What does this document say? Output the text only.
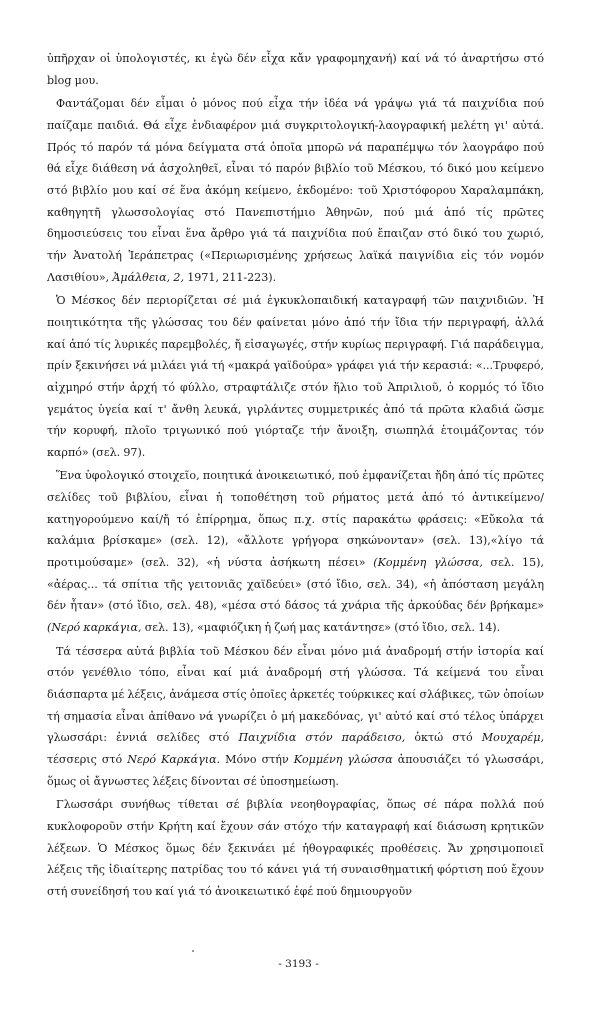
ὑπῆρχαν οἱ ὑπολογιστές, κι ἐγὼ δέν εἶχα κἄν γραφομηχανή) καί νά τό ἀναρτήσω στό blog μου.

Φαντάζομαι δέν εἶμαι ὁ μόνος πού εἶχα τήν ἰδέα νά γράψω γιά τά παιχνίδια πού παίζαμε παιδιά. Θά εἶχε ἐνδιαφέρον μιά συγκριτολογική-λαογραφική μελέτη γι' αὐτά. Πρός τό παρόν τά μόνα δείγματα στά ὁποῖα μπορῶ νά παραπέμψω τόν λαογράφο πού θά εἶχε διάθεση νά ἀσχοληθεῖ, εἶναι τό παρόν βιβλίο τοῦ Μέσκου, τό δικό μου κείμενο στό βιβλίο μου καί σέ ἕνα ἀκόμη κείμενο, ἐκδομένο: τοῦ Χριστόφορου Χαραλαμπάκη, καθηγητῆ γλωσσολογίας στό Πανεπιστήμιο Ἀθηνῶν, πού μιά ἀπό τίς πρῶτες δημοσιεύσεις του εἶναι ἕνα ἄρθρο γιά τά παιχνίδια πού ἔπαιζαν στό δικό του χωριό, τήν Ἀνατολή Ἱεράπετρας («Περιωρισμένης χρήσεως λαϊκά παιγνίδια εἰς τόν νομόν Λασιθίου», Ἀμάλθεια, 2, 1971, 211-223).

Ὁ Μέσκος δέν περιορίζεται σέ μιά ἐγκυκλοπαιδική καταγραφή τῶν παιχνιδιῶν. Ἡ ποιητικότητα τῆς γλώσσας του δέν φαίνεται μόνο ἀπό τήν ἴδια τήν περιγραφή, ἀλλά καί ἀπό τίς λυρικές παρεμβολές, ἤ εἰσαγωγές, στήν κυρίως περιγραφή. Γιά παράδειγμα, πρίν ξεκινήσει νά μιλάει γιά τή «μακρά γαϊδούρα» γράφει γιά τήν κερασιά: «...Τρυφερό, αἰχμηρό στήν ἀρχή τό φύλλο, στραφτάλιζε στόν ἥλιο τοῦ Ἀπριλιοῦ, ὁ κορμός τό ἴδιο γεμάτος ὑγεία καί τ' ἄνθη λευκά, γιρλάντες συμμετρικές ἀπό τά πρῶτα κλαδιά ὥσμε τήν κορυφή, πλοῖο τριγωνικό πού γιόρταζε τήν ἄνοιξη, σιωπηλά ἑτοιμάζοντας τόν καρπό» (σελ. 97).

Ἕνα ὑφολογικό στοιχεῖο, ποιητικά ἀνοικειωτικό, πού ἐμφανίζεται ἤδη ἀπό τίς πρῶτες σελίδες τοῦ βιβλίου, εἶναι ἡ τοποθέτηση τοῦ ρήματος μετά ἀπό τό ἀντικείμενο/κατηγορούμενο καί/ἤ τό ἐπίρρημα, ὅπως π.χ. στίς παρακάτω φράσεις: «Εὔκολα τά καλάμια βρίσκαμε» (σελ. 12), «ἄλλοτε γρήγορα σηκώνονταν» (σελ. 13),«λίγο τά προτιμούσαμε» (σελ. 32), «ἡ νύστα ἀσήκωτη πέσει» (Κομμένη γλώσσα, σελ. 15), «ἀέρας... τά σπίτια τῆς γειτονιᾶς χαϊδεύει» (στό ἴδιο, σελ. 34), «ἡ ἀπόσταση μεγάλη δέν ἦταν» (στό ἴδιο, σελ. 48), «μέσα στό δάσος τά χνάρια τῆς ἀρκούδας δέν βρήκαμε» (Νερό καρκάγια, σελ. 13), «μαφιόζικη ἡ ζωή μας κατάντησε» (στό ἴδιο, σελ. 14).

Τά τέσσερα αὐτά βιβλία τοῦ Μέσκου δέν εἶναι μόνο μιά ἀναδρομή στήν ἱστορία καί στόν γενέθλιο τόπο, εἶναι καί μιά ἀναδρομή στή γλώσσα. Τά κείμενά του εἶναι διάσπαρτα μέ λέξεις, ἀνάμεσα στίς ὁποῖες ἀρκετές τούρκικες καί σλάβικες, τῶν ὁποίων τή σημασία εἶναι ἀπίθανο νά γνωρίζει ὁ μή μακεδόνας, γι' αὐτό καί στό τέλος ὑπάρχει γλωσσάρι: ἐννιά σελίδες στό Παιχνίδια στόν παράδεισο, ὀκτώ στό Μουχαρέμ, τέσσερις στό Νερό Καρκάγια. Μόνο στήν Κομμένη γλώσσα ἀπουσιάζει τό γλωσσάρι, ὅμως οἱ ἄγνωστες λέξεις δίνονται σέ ὑποσημείωση.

Γλωσσάρι συνήθως τίθεται σέ βιβλία νεοηθογραφίας, ὅπως σέ πάρα πολλά πού κυκλοφοροῦν στήν Κρήτη καί ἔχουν σάν στόχο τήν καταγραφή καί διάσωση κρητικῶν λέξεων. Ὁ Μέσκος ὅμως δέν ξεκινάει μέ ἠθογραφικές προθέσεις. Ἄν χρησιμοποιεῖ λέξεις τῆς ἰδιαίτερης πατρίδας του τό κάνει γιά τή συναισθηματική φόρτιση πού ἔχουν στή συνείδησή του καί γιά τό ἀνοικειωτικό ἐφέ πού δημιουργοῦν

- 3193 -
